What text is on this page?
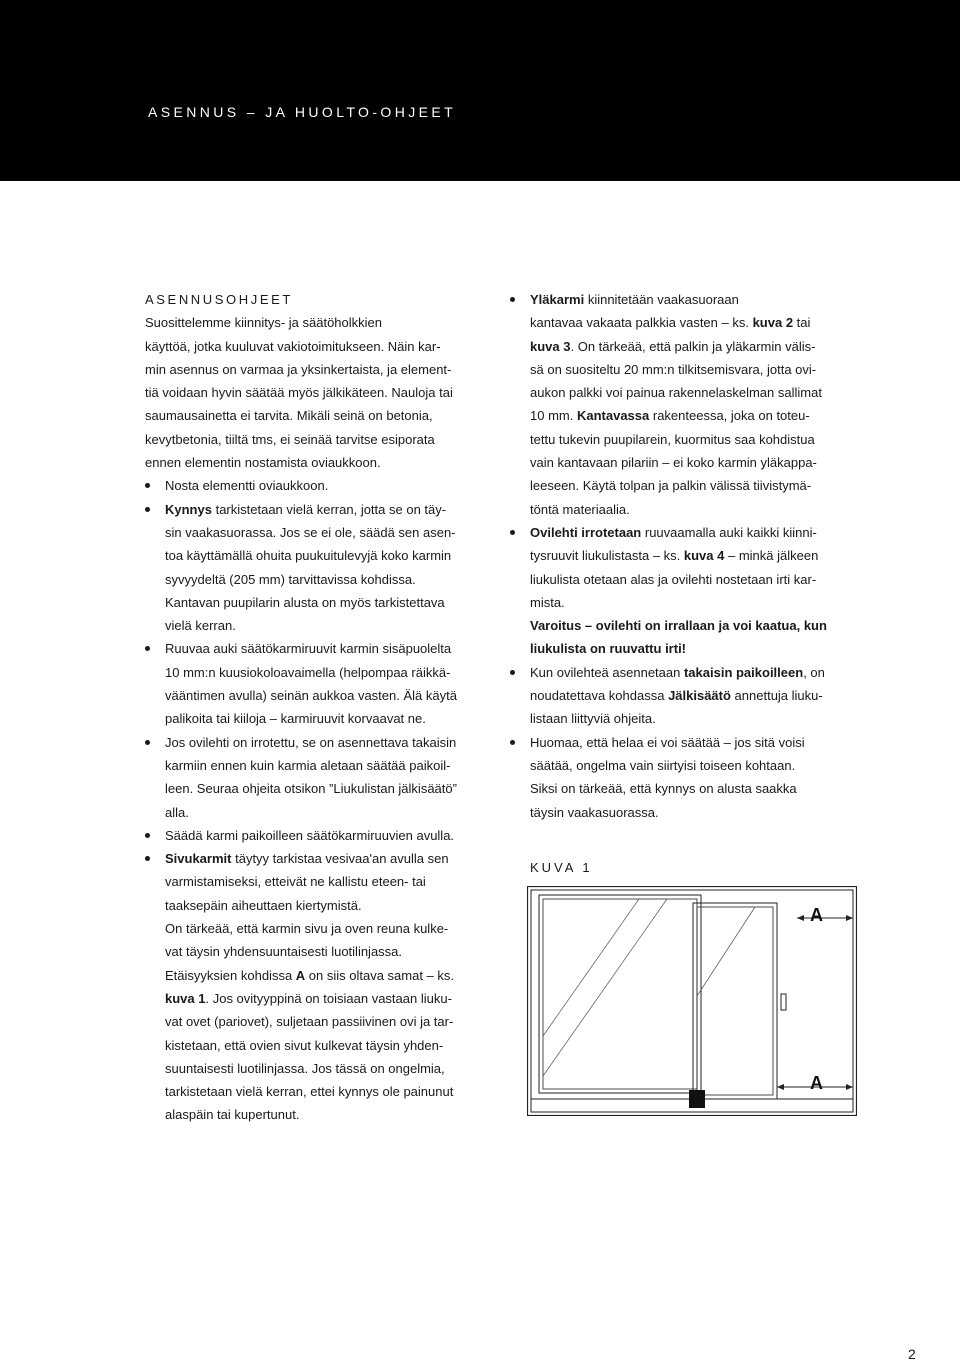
ASENNUS – JA HUOLTO-OHJEET
ASENNUSOHJEET
Suosittelemme kiinnitys- ja säätöholkkien
käyttöä, jotka kuuluvat vakiotoimitukseen. Näin kar-
min asennus on varmaa ja yksinkertaista, ja element-
tiä voidaan hyvin säätää myös jälkikäteen. Nauloja tai
saumausainetta ei tarvita. Mikäli seinä on betonia,
kevytbetonia, tiiltä tms, ei seinää tarvitse esiporata
ennen elementin nostamista oviaukkoon.
Nosta elementti oviaukkoon.
Kynnys tarkistetaan vielä kerran, jotta se on täy-
sin vaakasuorassa. Jos se ei ole, säädä sen asen-
toa käyttämällä ohuita puukuitulevyjä koko karmin
syvyydeltä (205 mm) tarvittavissa kohdissa.
Kantavan puupilarin alusta on myös tarkistettava
vielä kerran.
Ruuvaa auki säätökarmiruuvit karmin sisäpuolelta
10 mm:n kuusiokoloavaimella (helpompaa räikkä-
vääntimen avulla) seinän aukkoa vasten. Älä käytä
palikoita tai kiiloja – karmiruuvit korvaavat ne.
Jos ovilehti on irrotettu, se on asennettava takaisin
karmiin ennen kuin karmia aletaan säätää paikoil-
leen. Seuraa ohjeita otsikon ”Liukulistan jälkisäätö”
alla.
Säädä karmi paikoilleen säätökarmiruuvien avulla.
Sivukarmit täytyy tarkistaa vesivaa'an avulla sen
varmistamiseksi, etteivät ne kallistu eteen- tai
taaksepäin aiheuttaen kiertymistä.
On tärkeää, että karmin sivu ja oven reuna kulke-
vat täysin yhdensuuntaisesti luotilinjassa.
Etäisyyksien kohdissa A on siis oltava samat – ks.
kuva 1. Jos ovityyppinä on toisiaan vastaan liuku-
vat ovet (pariovet), suljetaan passiivinen ovi ja tar-
kistetaan, että ovien sivut kulkevat täysin yhden-
suuntaisesti luotilinjassa. Jos tässä on ongelmia,
tarkistetaan vielä kerran, ettei kynnys ole painunut
alaspäin tai kupertunut.
Yläkarmi kiinnitetään vaakasuoraan
kantavaa vakaata palkkia vasten – ks. kuva 2 tai
kuva 3. On tärkeää, että palkin ja yläkarmin välis-
sä on suositeltu 20 mm:n tilkitsemisvara, jotta ovi-
aukon palkki voi painua rakennelaskelman sallimat
10 mm. Kantavassa rakenteessa, joka on toteu-
tettu tukevin puupilarein, kuormitus saa kohdistua
vain kantavaan pilariin – ei koko karmin yläkappa-
leeseen. Käytä tolpan ja palkin välissä tiivistymä-
töntä materiaalia.
Ovilehti irrotetaan ruuvaamalla auki kaikki kiinni-
tysruuvit liukulistasta – ks. kuva 4 – minkä jälkeen
liukulista otetaan alas ja ovilehti nostetaan irti kar-
mista.
Varoitus – ovilehti on irrallaan ja voi kaatua, kun
liukulista on ruuvattu irti!
Kun ovilehteä asennetaan takaisin paikoilleen, on
noudatettava kohdassa Jälkisäätö annettuja liuku-
listaan liittyviä ohjeita.
Huomaa, että helaa ei voi säätää – jos sitä voisi
säätää, ongelma vain siirtyisi toiseen kohtaan.
Siksi on tärkeää, että kynnys on alusta saakka
täysin vaakasuorassa.
KUVA 1
A
A
2
